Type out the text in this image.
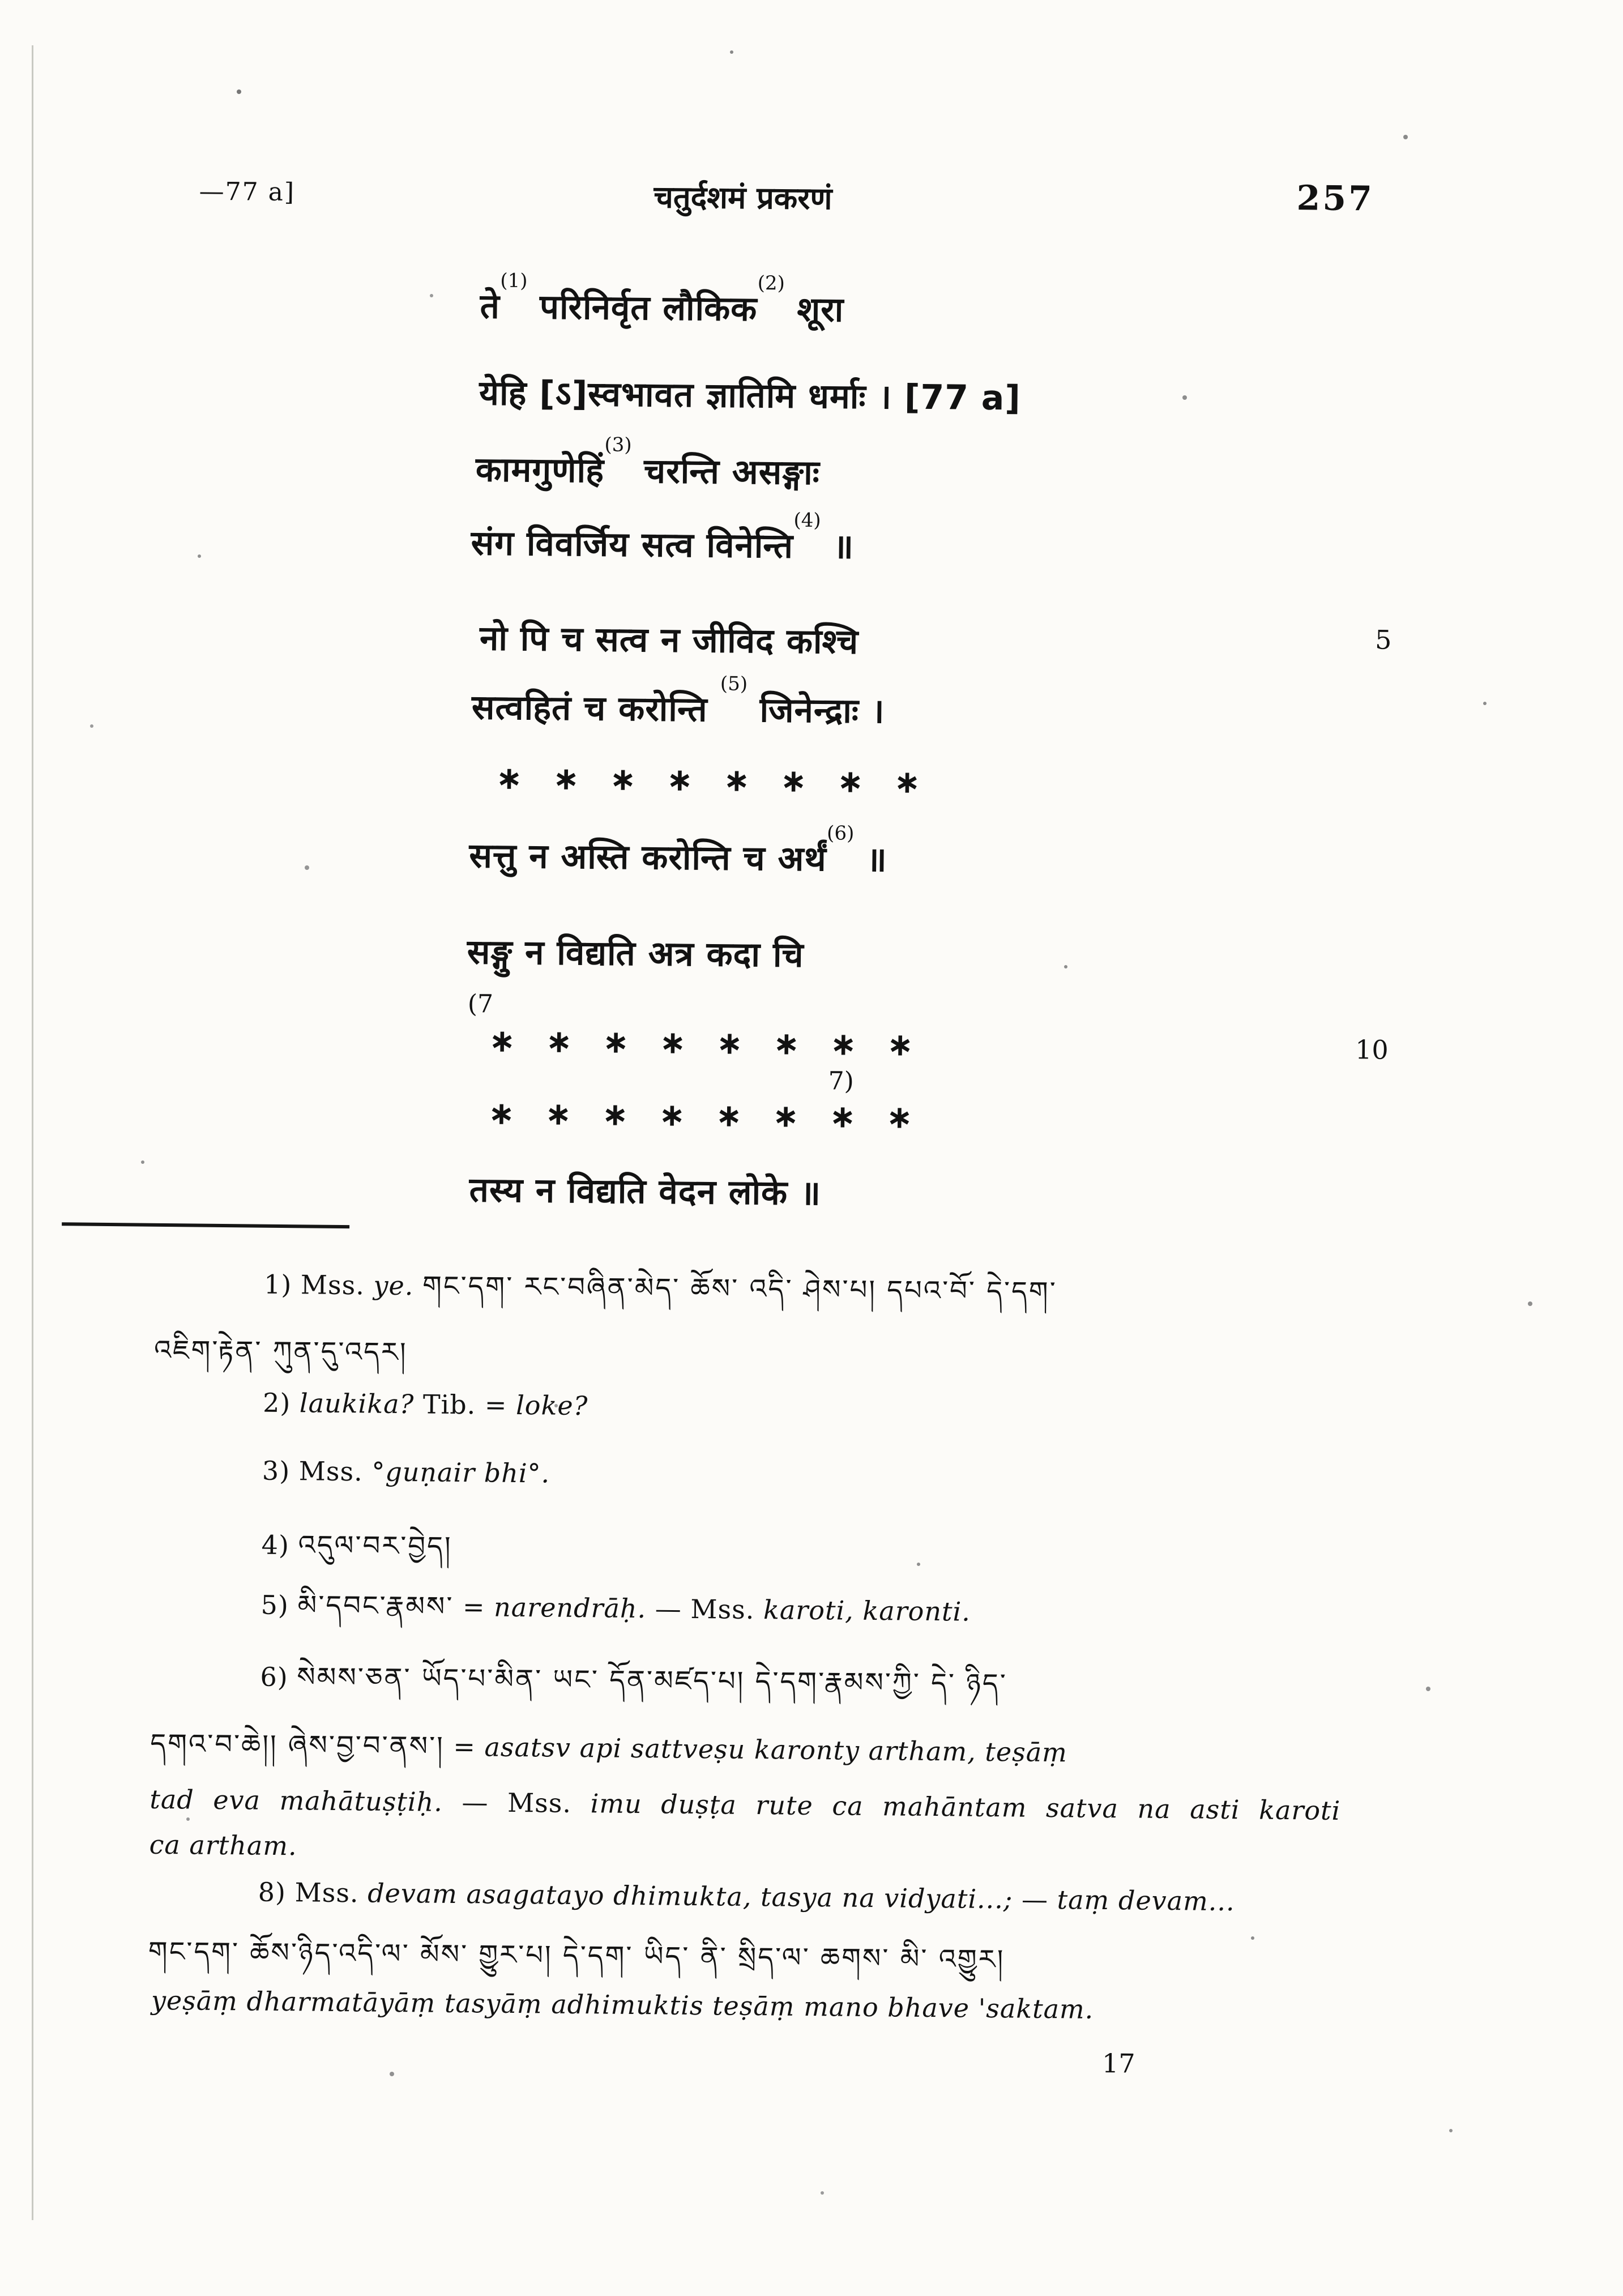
—77 a]	चतुर्दशमं प्रकरणं	257
ते$^{(1)}$ परिनिर्वृत लौकिक$^{(2)}$ शूरा
येहि [ऽ]स्वभावत ज्ञातिमि धर्माः । [77 a]
कामगुणेहिं$^{(3)}$ चरन्ति असङ्गाः
संग विवर्जिय सत्व विनेन्ति$^{(4)}$ ॥
नो पि च सत्व न जीविद कश्चि	5
सत्वहितं च करोन्ति $^{(5)}$ जिनेन्द्राः ।
∗ ∗ ∗ ∗ ∗ ∗ ∗ ∗
सत्तु न अस्ति करोन्ति च अर्थं$^{(6)}$ ॥
सङ्गु न विद्यति अत्र कदा चि
(7
∗ ∗ ∗ ∗ ∗ ∗ ∗ ∗	10
7)
∗ ∗ ∗ ∗ ∗ ∗ ∗ ∗
तस्य न विद्यति वेदन लोके ॥
1) Mss. ye. གང་དག་ རང་བཞིན་མེད་ ཆོས་ འདི་ ཤེས་པ། དཔའ་བོ་ དེ་དག་
འཇིག་རྟེན་ ཀུན་དུ་འདར།
2) laukika? Tib. = loke?
3) Mss. °guṇair bhi°.
4) འདུལ་བར་བྱེད།
5) མི་དབང་རྣམས་ = narendrāḥ. — Mss. karoti, karonti.
6) སེམས་ཅན་ ཡོད་པ་མིན་ ཡང་ དོན་མཛད་པ། དེ་དག་རྣམས་ཀྱི་ དེ་ ཉིད་
དགའ་བ་ཆེ།། ཞེས་བྱ་བ་ནས་། = asatsv api sattveṣu karonty artham, teṣāṃ
tad eva mahātuṣṭiḥ. — Mss. imu duṣṭa rute ca mahāntam satva na asti karoti
ca artham.
8) Mss. devam asagatayo dhimukta, tasya na vidyati...; — taṃ devam...
གང་དག་ ཆོས་ཉིད་འདི་ལ་ མོས་ གྱུར་པ། དེ་དག་ ཡིད་ ནི་ སྲིད་ལ་ ཆགས་ མི་ འགྱུར།
yeṣāṃ dharmatāyāṃ tasyāṃ adhimuktis teṣāṃ mano bhave 'saktam.
17
